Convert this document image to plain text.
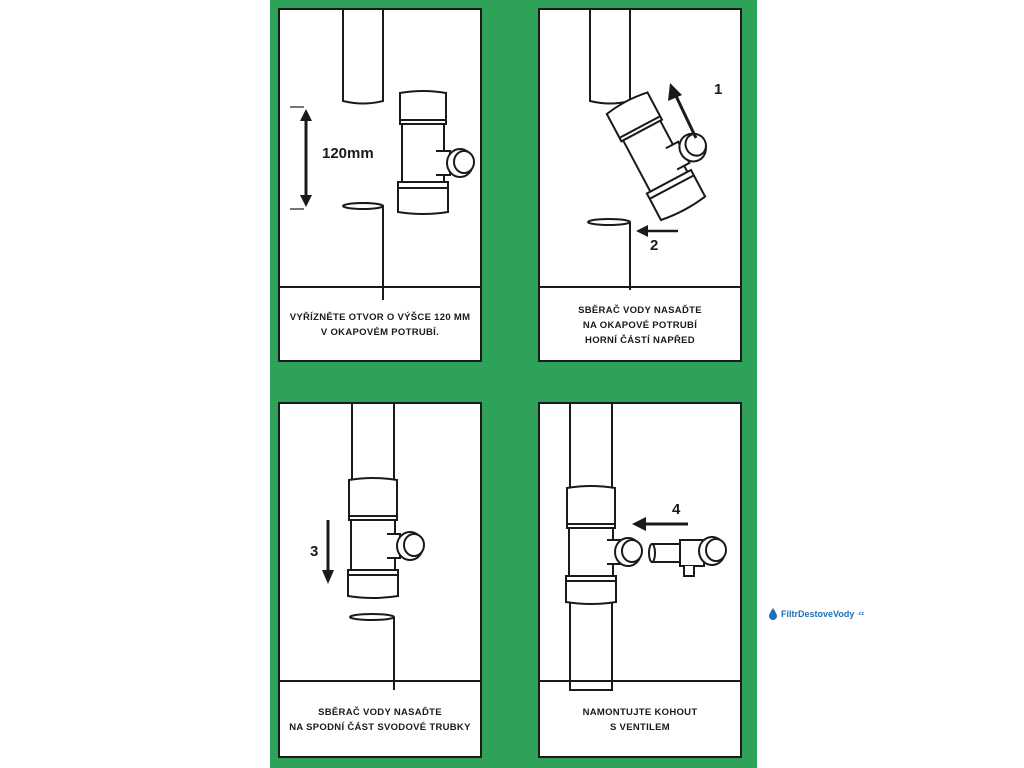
120mm
VYŘÍZNĚTE OTVOR O VÝŠCE 120 MM
V OKAPOVÉM POTRUBÍ.
1
2
SBĚRAČ VODY NASAĎTE
NA OKAPOVÉ POTRUBÍ
HORNÍ ČÁSTÍ NAPŘED
3
SBĚRAČ VODY NASAĎTE
NA SPODNÍ ČÁST SVODOVÉ TRUBKY
4
NAMONTUJTE KOHOUT
S VENTILEM
FiltrDestoveVody .cz
